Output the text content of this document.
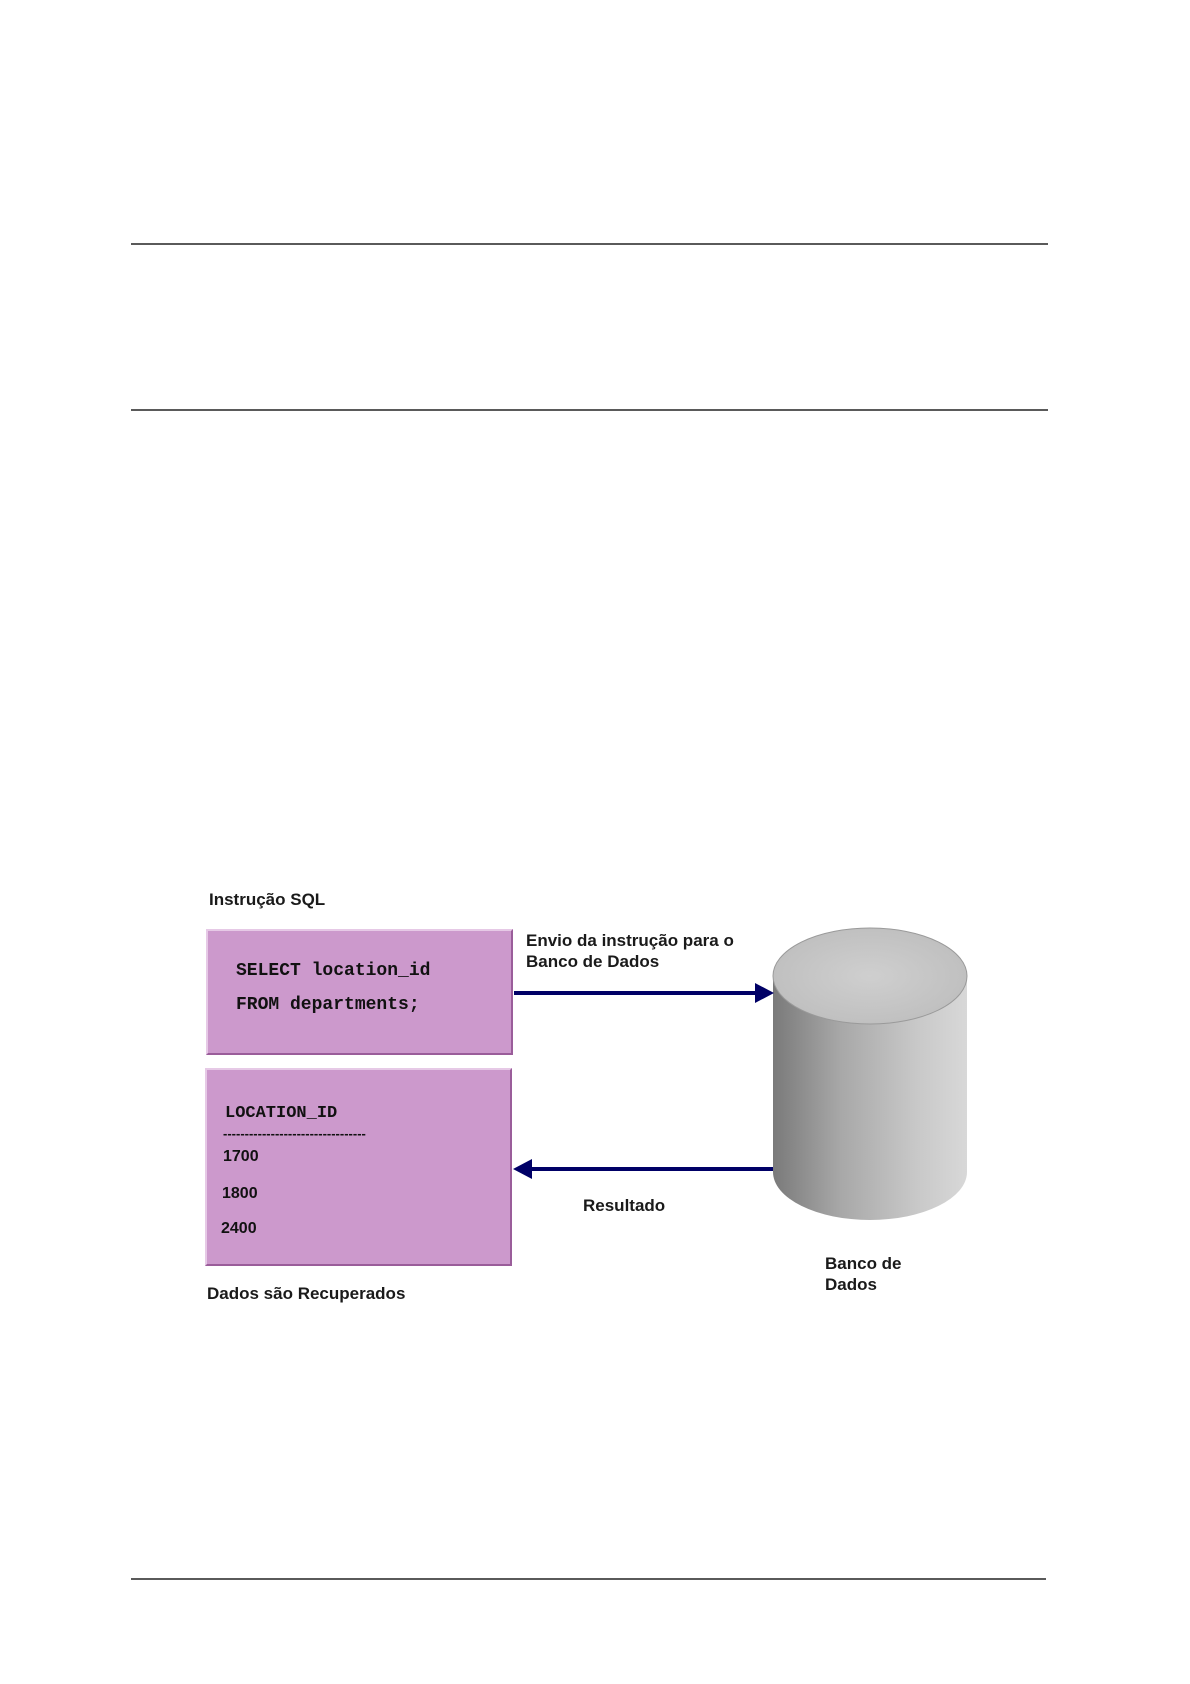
Instrução SQL
SELECT location_id
FROM departments;
Envio da instrução para o
Banco de Dados
LOCATION_ID
---------------------------------
1700
1800
2400
Resultado
Dados são Recuperados
Banco de
Dados
